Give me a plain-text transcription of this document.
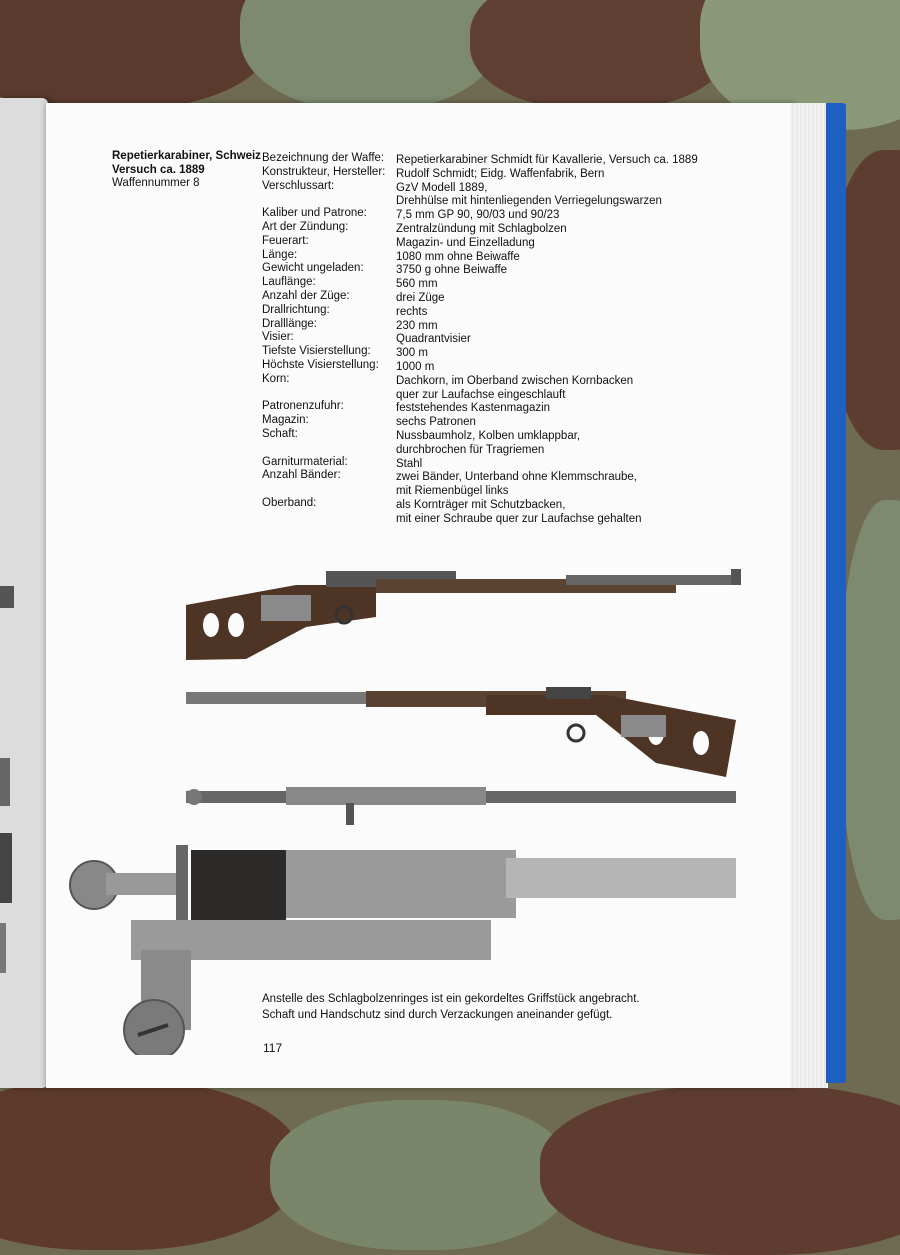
Repetierkarabiner, Schweiz
Versuch ca. 1889
Waffennummer 8
Bezeichnung der Waffe:
Konstrukteur, Hersteller:
Verschlussart:
Kaliber und Patrone:
Art der Zündung:
Feuerart:
Länge:
Gewicht ungeladen:
Lauflänge:
Anzahl der Züge:
Drallrichtung:
Dralllänge:
Visier:
Tiefste Visierstellung:
Höchste Visierstellung:
Korn:
Patronenzufuhr:
Magazin:
Schaft:
Garniturmaterial:
Anzahl Bänder:
Oberband:
Repetierkarabiner Schmidt für Kavallerie, Versuch ca. 1889
Rudolf Schmidt; Eidg. Waffenfabrik, Bern
GzV Modell 1889,
Drehhülse mit hintenliegenden Verriegelungswarzen
7,5 mm GP 90, 90/03 und 90/23
Zentralzündung mit Schlagbolzen
Magazin- und Einzelladung
1080 mm ohne Beiwaffe
3750 g ohne Beiwaffe
560 mm
drei Züge
rechts
230 mm
Quadrantvisier
300 m
1000 m
Dachkorn, im Oberband zwischen Kornbacken
quer zur Laufachse eingeschlauft
feststehendes Kastenmagazin
sechs Patronen
Nussbaumholz, Kolben umklappbar,
durchbrochen für Tragriemen
Stahl
zwei Bänder, Unterband ohne Klemmschraube,
mit Riemenbügel links
als Kornträger mit Schutzbacken,
mit einer Schraube quer zur Laufachse gehalten
Anstelle des Schlagbolzenringes ist ein gekordeltes Griffstück angebracht.
Schaft und Handschutz sind durch Verzackungen aneinander gefügt.
117
